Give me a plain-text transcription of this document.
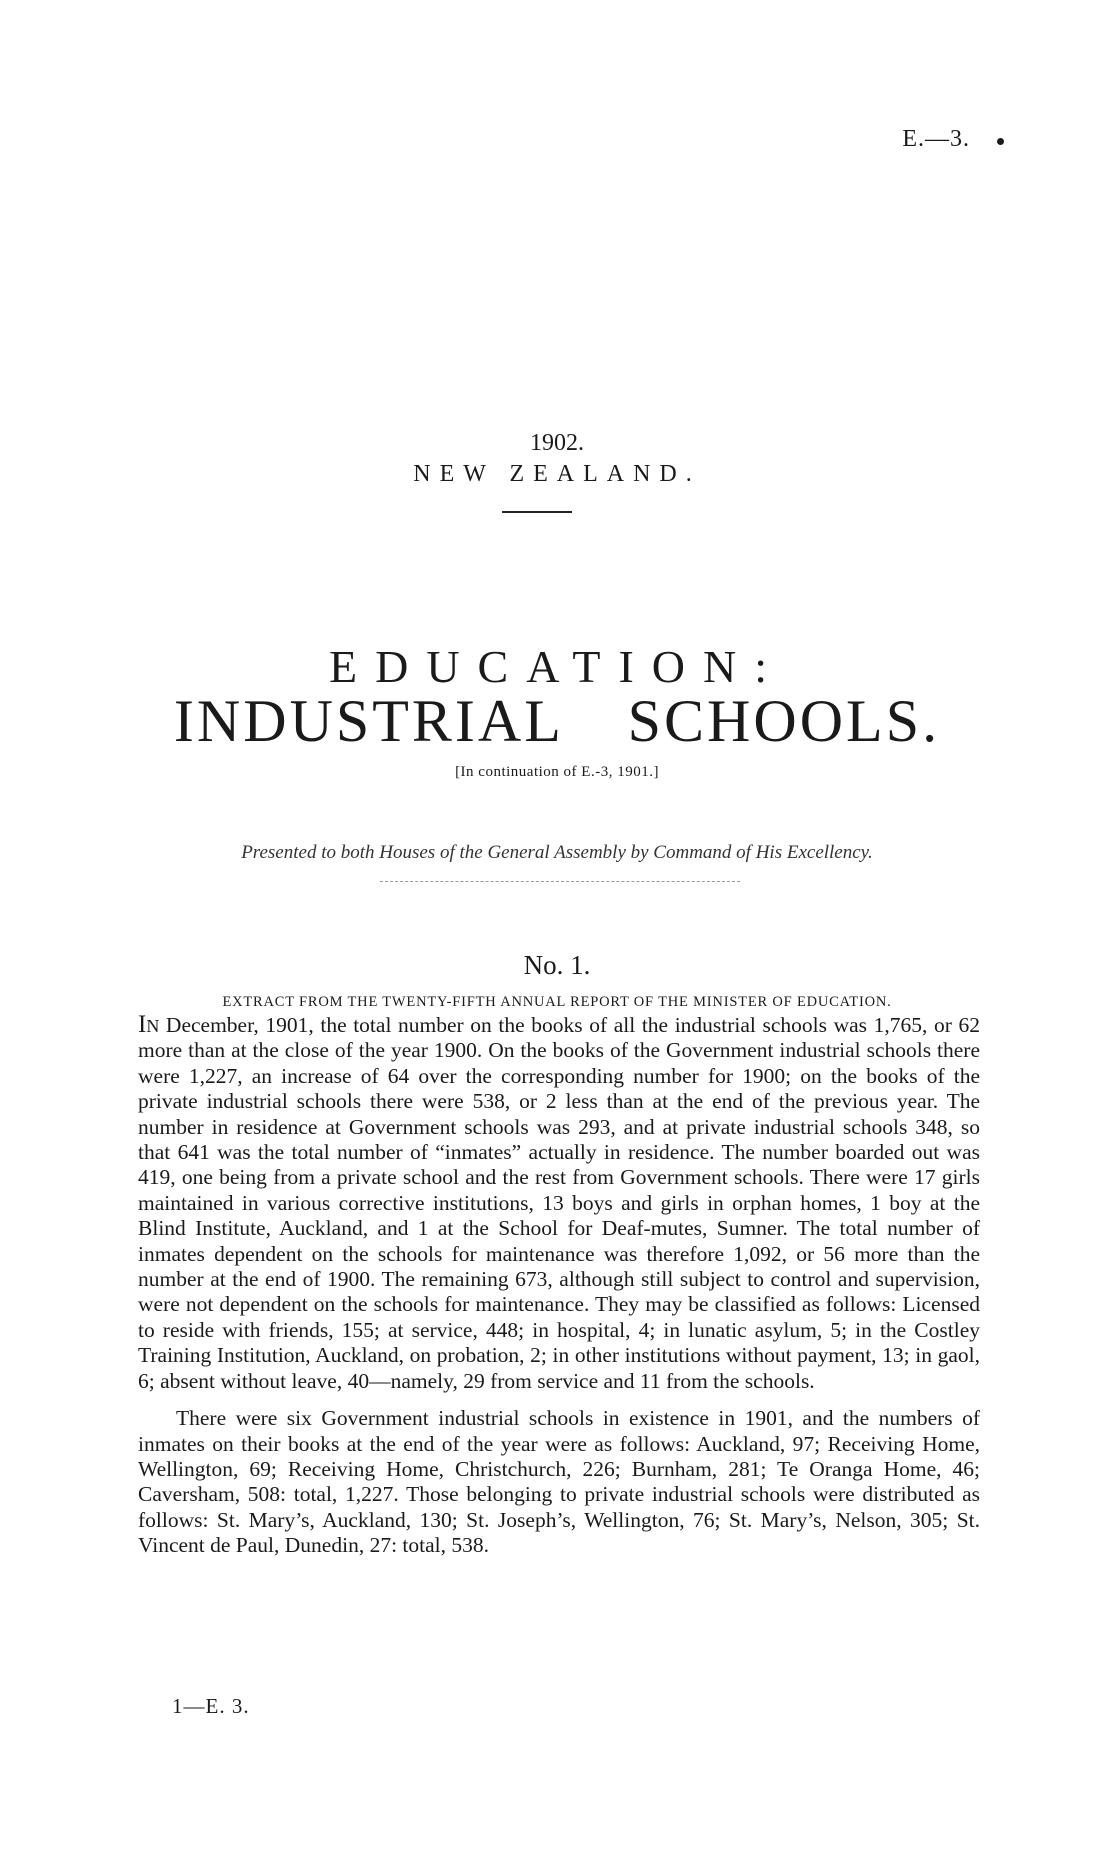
E.—3.
1902.
NEW ZEALAND.
EDUCATION:
INDUSTRIAL SCHOOLS.
[In continuation of E.-3, 1901.]
Presented to both Houses of the General Assembly by Command of His Excellency.
No. 1.
EXTRACT FROM THE TWENTY-FIFTH ANNUAL REPORT OF THE MINISTER OF EDUCATION.

In December, 1901, the total number on the books of all the industrial schools was 1,765, or 62 more than at the close of the year 1900. On the books of the Government industrial schools there were 1,227, an increase of 64 over the corresponding number for 1900; on the books of the private industrial schools there were 538, or 2 less than at the end of the previous year. The number in residence at Government schools was 293, and at private industrial schools 348, so that 641 was the total number of “inmates” actually in residence. The number boarded out was 419, one being from a private school and the rest from Government schools. There were 17 girls maintained in various corrective institutions, 13 boys and girls in orphan homes, 1 boy at the Blind Institute, Auckland, and 1 at the School for Deaf-mutes, Sumner. The total number of inmates dependent on the schools for maintenance was therefore 1,092, or 56 more than the number at the end of 1900. The remaining 673, although still subject to control and supervision, were not dependent on the schools for maintenance. They may be classified as follows: Licensed to reside with friends, 155; at service, 448; in hospital, 4; in lunatic asylum, 5; in the Costley Training Institution, Auckland, on probation, 2; in other institutions without payment, 13; in gaol, 6; absent without leave, 40—namely, 29 from service and 11 from the schools.

There were six Government industrial schools in existence in 1901, and the numbers of inmates on their books at the end of the year were as follows: Auckland, 97; Receiving Home, Wellington, 69; Receiving Home, Christchurch, 226; Burnham, 281; Te Oranga Home, 46; Caversham, 508: total, 1,227. Those belonging to private industrial schools were distributed as follows: St. Mary’s, Auckland, 130; St. Joseph’s, Wellington, 76; St. Mary’s, Nelson, 305; St. Vincent de Paul, Dunedin, 27: total, 538.

1—E. 3.
